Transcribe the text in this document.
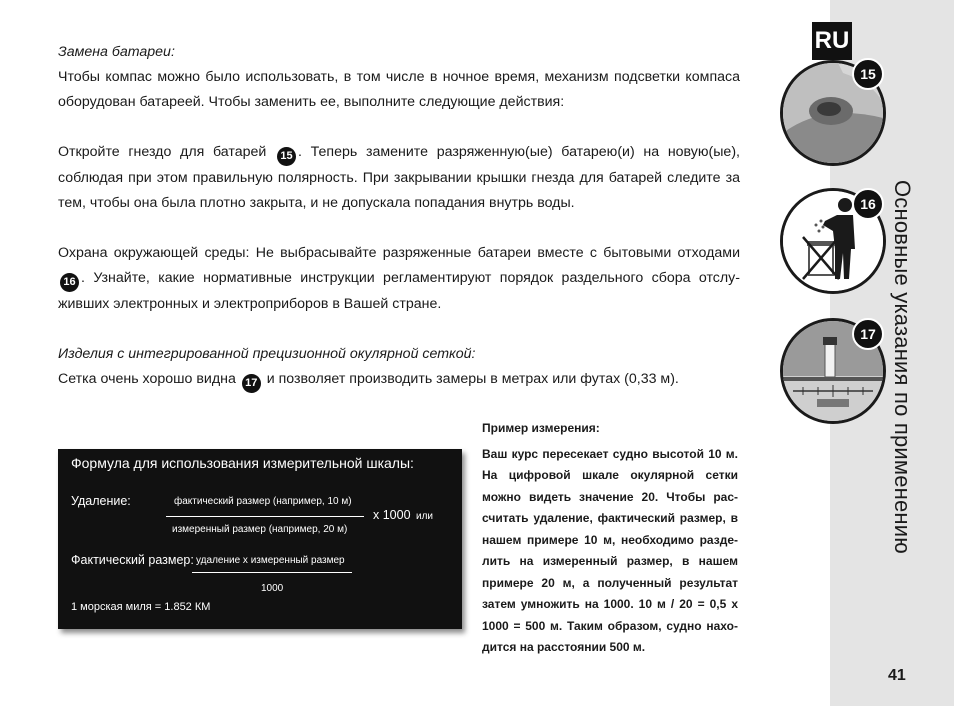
RU
Основные указания по применению
41
15
16
17

Замена батареи:

Чтобы компас можно было использовать, в том числе в ночное время, механизм подсветки компаса оборудован батареей. Чтобы заменить ее, выполните следующие действия:

Откройте гнездо для батарей 15 . Теперь замените разряженную(ые) батарею(и) на новую(ые), соблюдая при этом правильную полярность. При закрывании крышки гнезда для батарей следите за тем, чтобы она была плотно закрыта, и не допускала попадания внутрь воды.

Охрана окружающей среды: Не выбрасывайте разряженные батареи вместе с бытовыми отходами 16 . Узнайте, какие нормативные инструкции регламентируют порядок раздельного сбора отслу-живших электронных и электроприборов в Вашей стране.

Изделия с интегрированной прецизионной окулярной сеткой:

Сетка очень хорошо видна 17 и позволяет производить замеры в метрах или футах (0,33 м).

Формула для использования измерительной шкалы:
Удаление:	фактический размер (например, 10 м)
измеренный размер (например, 20 м)
х 1000 или
Фактический размер: удаление х измеренный размер
1000
1 морская миля = 1.852 КМ
Пример измерения:
Ваш курс пересекает судно высотой 10 м. На цифровой шкале окулярной сетки можно видеть значение 20. Чтобы рас-считать удаление, фактический размер, в нашем примере 10 м, необходимо разде-лить на измеренный размер, в нашем примере 20 м, а полученный результат затем умножить на 1000. 10 м / 20 = 0,5 х 1000 = 500 м. Таким образом, судно нахо-дится на расстоянии 500 м.
